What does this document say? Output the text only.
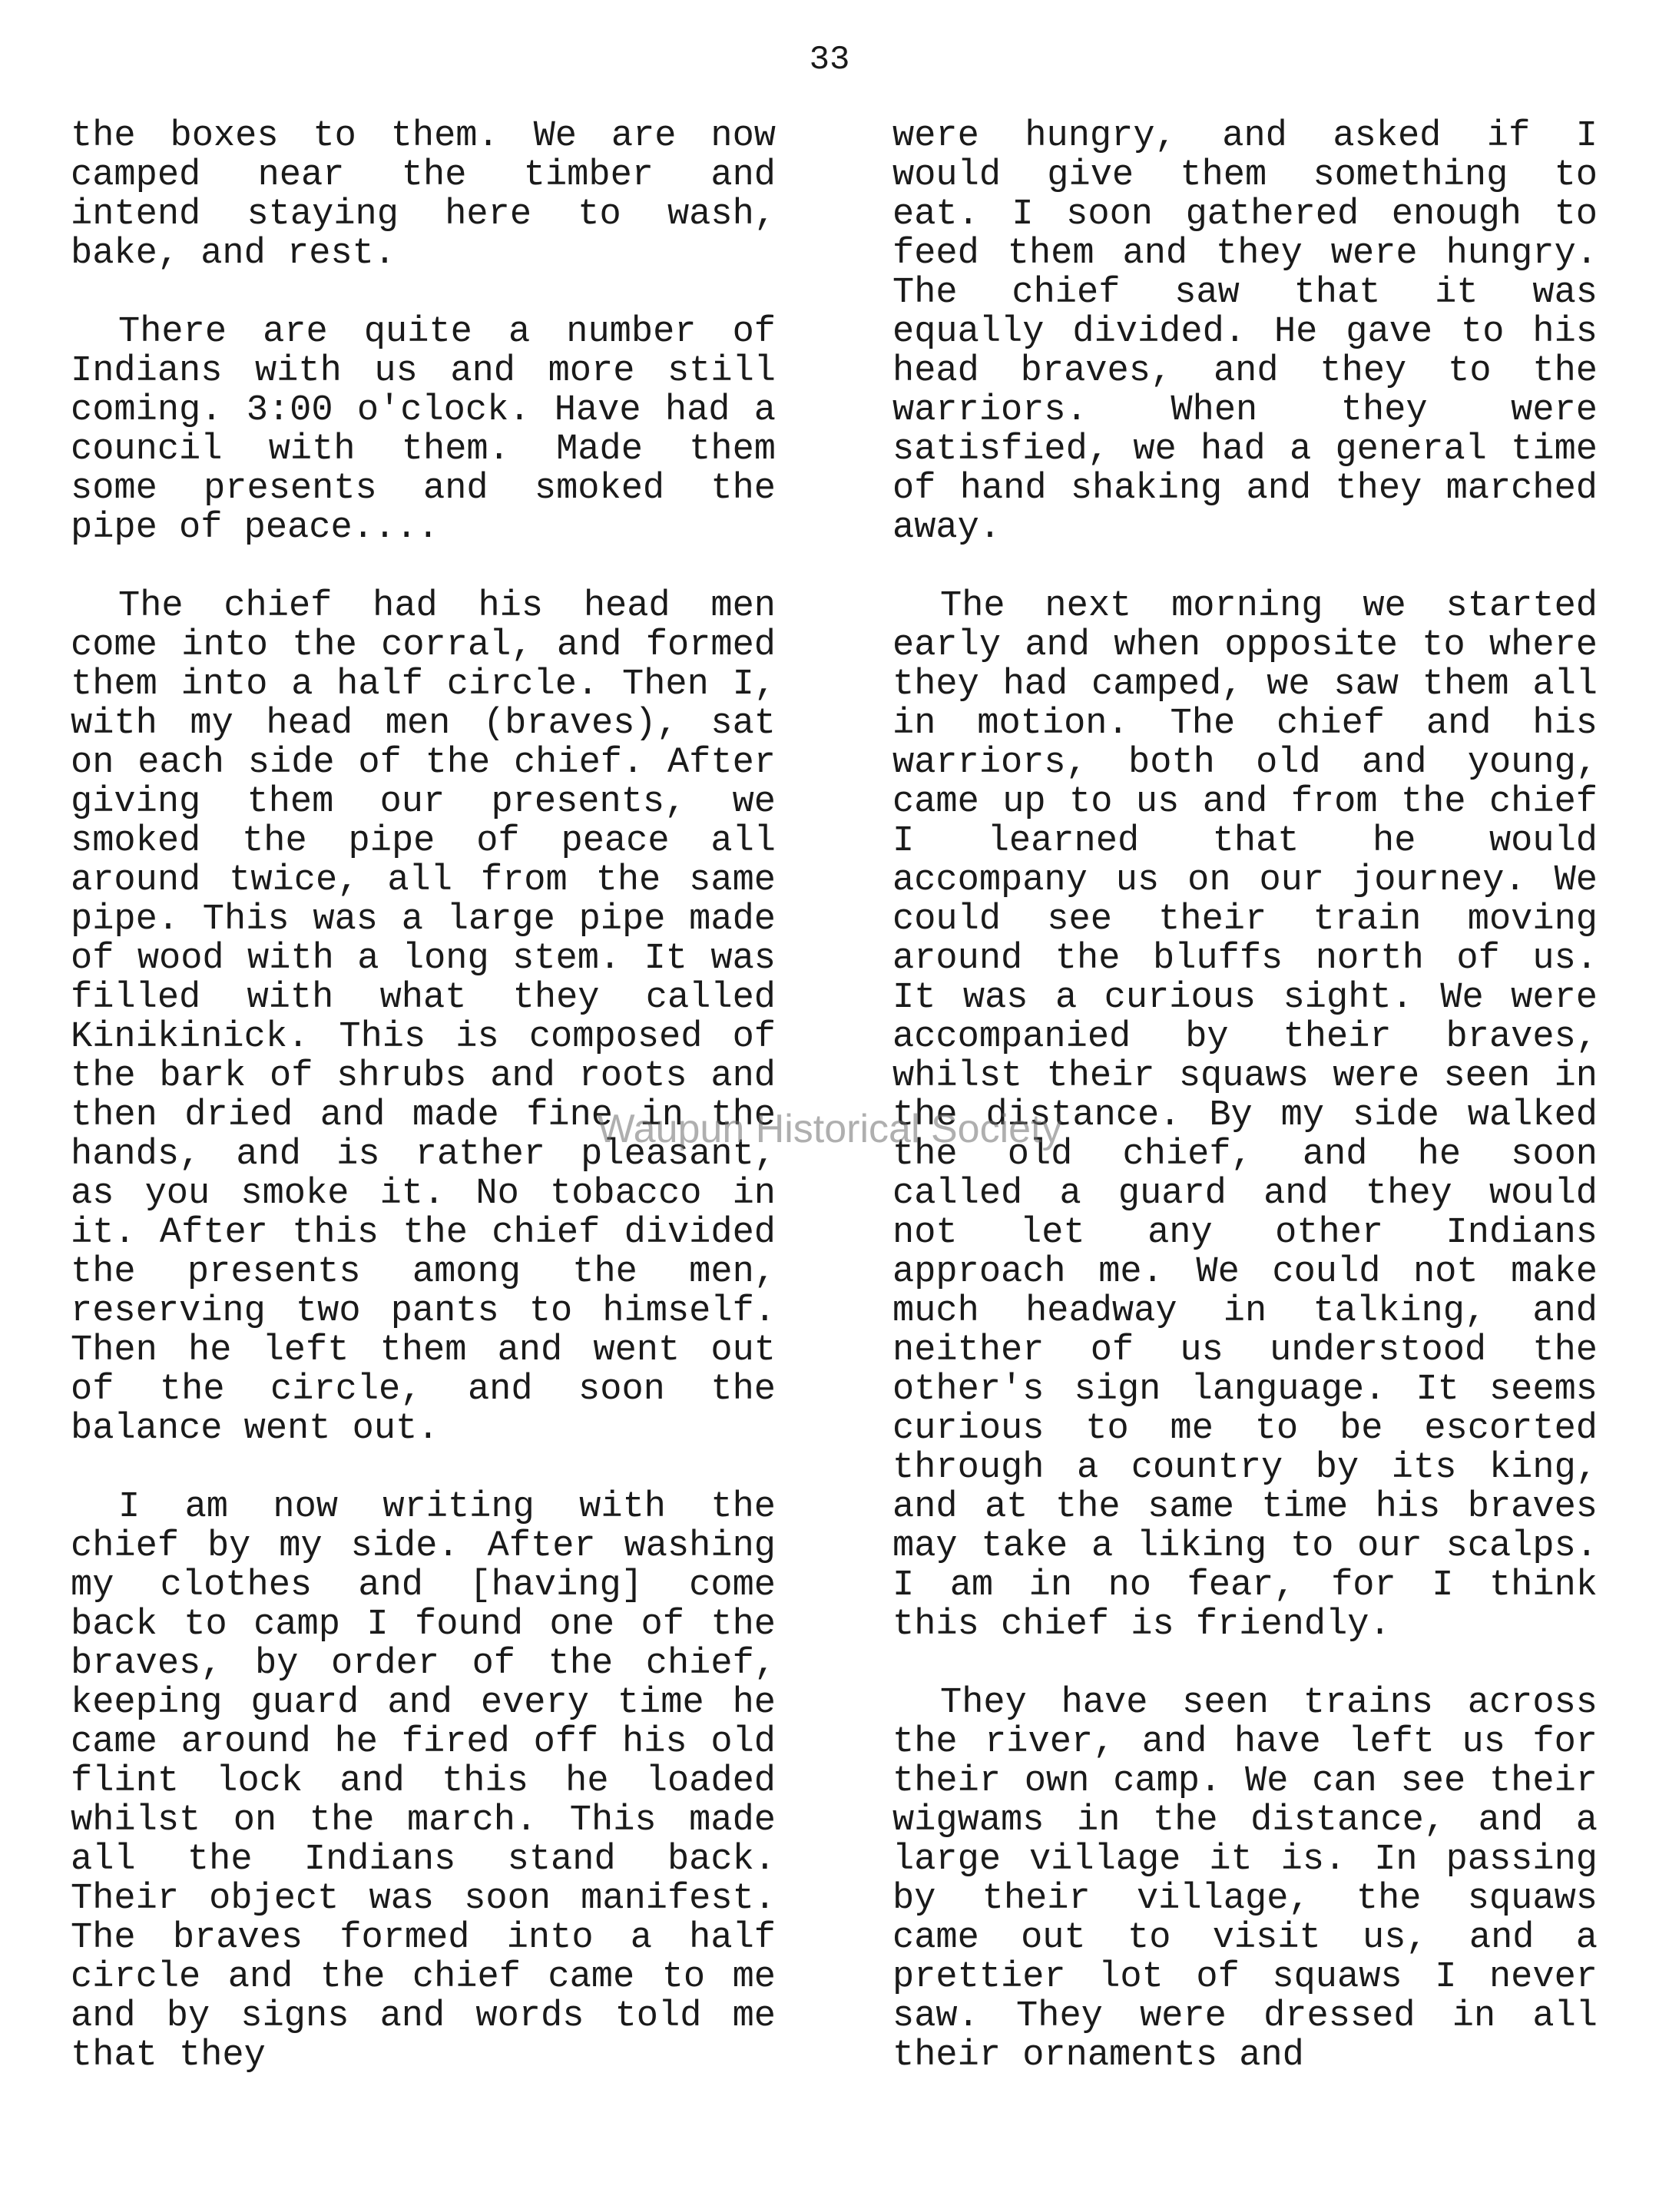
33

the boxes to them. We are now camped near the timber and intend staying here to wash, bake, and rest.

There are quite a number of Indians with us and more still coming. 3:00 o'clock. Have had a council with them. Made them some presents and smoked the pipe of peace....

The chief had his head men come into the corral, and formed them into a half circle. Then I, with my head men (braves), sat on each side of the chief. After giving them our presents, we smoked the pipe of peace all around twice, all from the same pipe. This was a large pipe made of wood with a long stem. It was filled with what they called Kinikinick. This is composed of the bark of shrubs and roots and then dried and made fine in the hands, and is rather pleasant, as you smoke it. No tobacco in it. After this the chief divided the presents among the men, reserving two pants to himself. Then he left them and went out of the circle, and soon the balance went out.

I am now writing with the chief by my side. After washing my clothes and [having] come back to camp I found one of the braves, by order of the chief, keeping guard and every time he came around he fired off his old flint lock and this he loaded whilst on the march. This made all the Indians stand back. Their object was soon manifest. The braves formed into a half circle and the chief came to me and by signs and words told me that they

were hungry, and asked if I would give them something to eat. I soon gathered enough to feed them and they were hungry. The chief saw that it was equally divided. He gave to his head braves, and they to the warriors. When they were satisfied, we had a general time of hand shaking and they marched away.

The next morning we started early and when opposite to where they had camped, we saw them all in motion. The chief and his warriors, both old and young, came up to us and from the chief I learned that he would accompany us on our journey. We could see their train moving around the bluffs north of us. It was a curious sight. We were accompanied by their braves, whilst their squaws were seen in the distance. By my side walked the old chief, and he soon called a guard and they would not let any other Indians approach me. We could not make much headway in talking, and neither of us understood the other's sign language. It seems curious to me to be escorted through a country by its king, and at the same time his braves may take a liking to our scalps. I am in no fear, for I think this chief is friendly.

They have seen trains across the river, and have left us for their own camp. We can see their wigwams in the distance, and a large village it is. In passing by their village, the squaws came out to visit us, and a prettier lot of squaws I never saw. They were dressed in all their ornaments and

Waupun Historical Society
